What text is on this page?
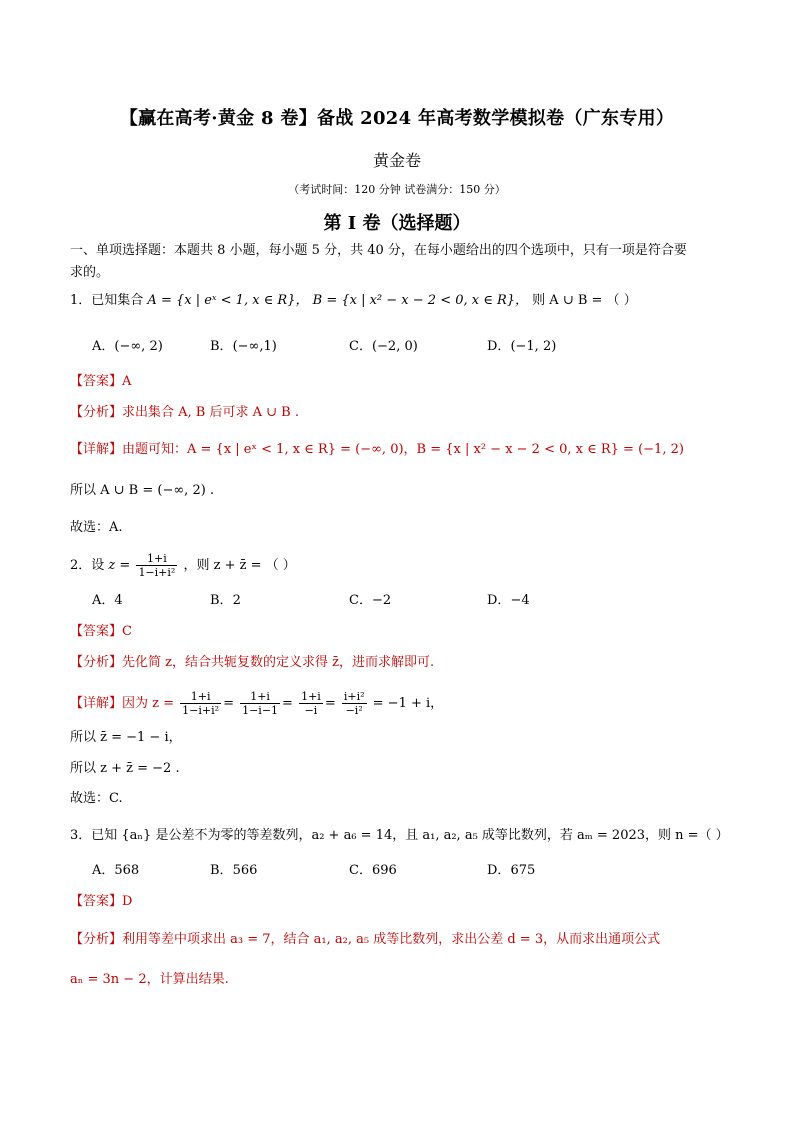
【赢在高考·黄金 8 卷】备战 2024 年高考数学模拟卷（广东专用）
黄金卷
（考试时间：120 分钟 试卷满分：150 分）
第 I 卷（选择题）
一、单项选择题：本题共 8 小题，每小题 5 分，共 40 分，在每小题给出的四个选项中，只有一项是符合要
求的。
1．已知集合 A = {x | eˣ < 1, x ∈ R}， B = {x | x² − x − 2 < 0, x ∈ R}， 则 A ∪ B = （ ）
A．(−∞, 2)	B．(−∞,1)	C．(−2, 0)	D．(−1, 2)
【答案】A
【分析】求出集合 A, B 后可求 A ∪ B .
【详解】由题可知：A = {x | eˣ < 1, x ∈ R} = (−∞, 0)，B = {x | x² − x − 2 < 0, x ∈ R} = (−1, 2)
所以 A ∪ B = (−∞, 2) .
故选：A.
2．设 $z = \frac{1+i}{\text{1−i+i²}}$ ，则 z + z̄ = （ ）
A．4	B．2	C．−2	D．−4
【答案】C
【分析】先化简 z，结合共轭复数的定义求得 z̄，进而求解即可.
【详解】因为 $z = \frac{1+i}{\text{1−i+i²}} = \frac{1+i}{1-i-1} = \frac{1+i}{-i} = \frac{\text{i+i²}}{\text{−i²}} = -1 + i$，
所以 z̄ = −1 − i，
所以 z + z̄ = −2 .
故选：C.
3．已知 {aₙ} 是公差不为零的等差数列，a₂ + a₆ = 14，且 a₁, a₂, a₅ 成等比数列，若 aₘ = 2023，则 n =（ ）
A．568	B．566	C．696	D．675
【答案】D
【分析】利用等差中项求出 a₃ = 7，结合 a₁, a₂, a₅ 成等比数列，求出公差 d = 3，从而求出通项公式
aₙ = 3n − 2，计算出结果.
